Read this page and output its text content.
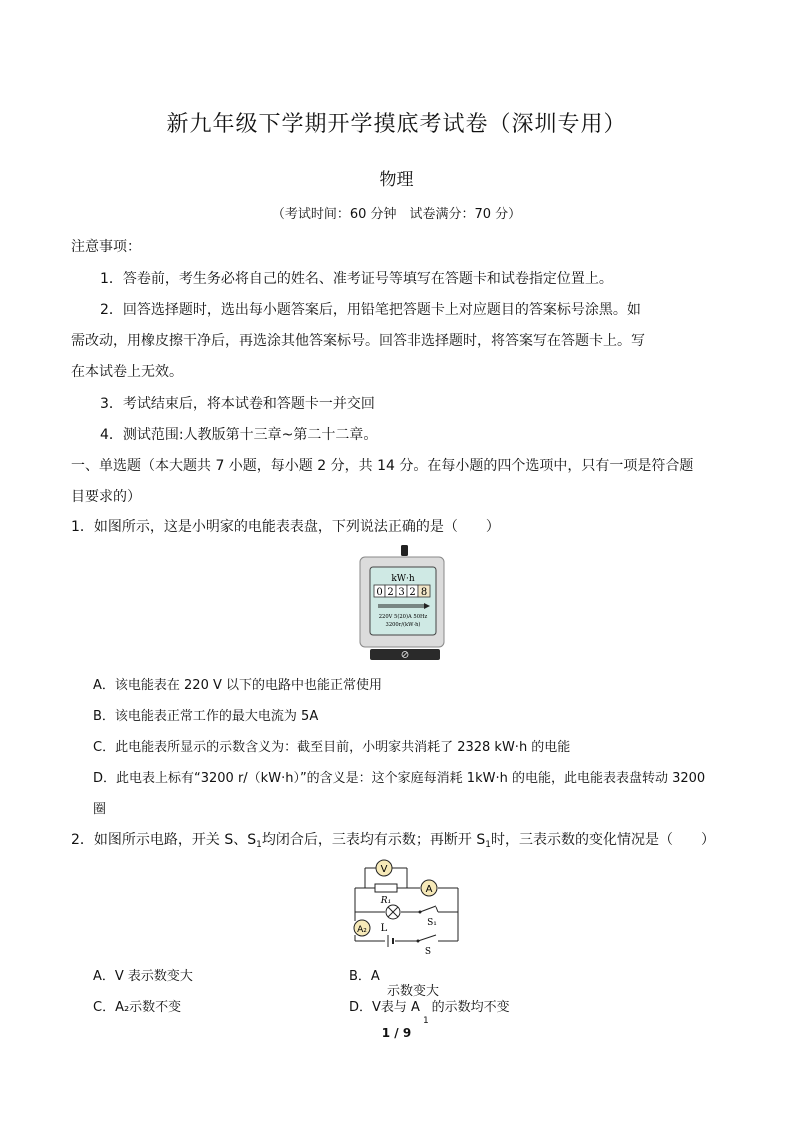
新九年级下学期开学摸底考试卷（深圳专用）
物理
（考试时间：60 分钟　试卷满分：70 分）
注意事项：
1．答卷前，考生务必将自己的姓名、准考证号等填写在答题卡和试卷指定位置上。
2．回答选择题时，选出每小题答案后，用铅笔把答题卡上对应题目的答案标号涂黑。如
需改动，用橡皮擦干净后，再选涂其他答案标号。回答非选择题时，将答案写在答题卡上。写
在本试卷上无效。
3．考试结束后，将本试卷和答题卡一并交回
4．测试范围:人教版第十三章~第二十二章。
一、单选题（本大题共 7 小题，每小题 2 分，共 14 分。在每小题的四个选项中，只有一项是符合题
目要求的）
1．如图所示，这是小明家的电能表表盘，下列说法正确的是（　　）
kW·h
0 2 3 2 8
220V 5(20)A 50Hz
3200r/(kW·h)
A．该电能表在 220 V 以下的电路中也能正常使用
B．该电能表正常工作的最大电流为 5A
C．此电能表所显示的示数含义为：截至目前，小明家共消耗了 2328 kW·h 的电能
D．此电表上标有“3200 r/（kW·h）”的含义是：这个家庭每消耗 1kW·h 的电能，此电能表表盘转动 3200
圈
2．如图所示电路，开关 S、$S_1$均闭合后，三表均有示数；再断开 $S_1$时，三表示数的变化情况是（　　）
V
R₁
A
L	S₁
A₂
S
A．V 表示数变大	B．A
示数变大
C．A₂示数不变	D．V表与 $A_1$的示数均不变
1 / 9
